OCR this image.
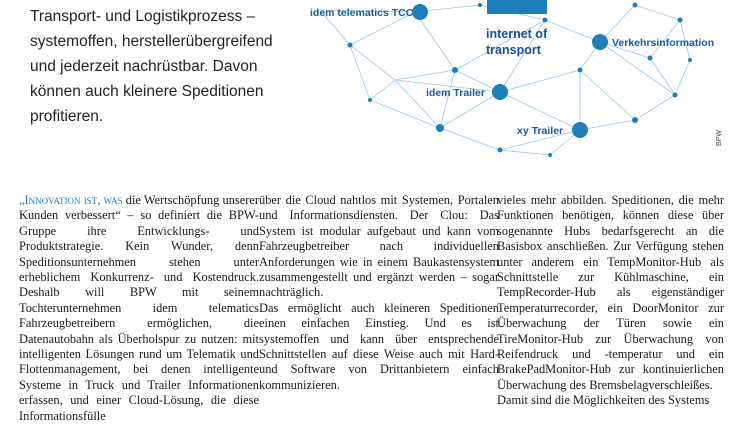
Transport- und Logistikprozess –

systemoffen, herstellerübergreifend

und jederzeit nachrüstbar. Davon

können auch kleinere Speditionen

profitieren.

idem telematics TCC
Verkehrsinformation
idem Trailer
xy Trailer
internet of
transport
BPW

„Innovation ist, was die Wertschöpfung unserer Kunden verbessert“ – so definiert die BPW-Gruppe ihre Entwicklungs- und Produktstrategie. Kein Wunder, denn Speditionsunternehmen stehen unter erheblichem Konkurrenz- und Kostendruck. Deshalb will BPW mit seinem Tochterunternehmen idem telematics Fahrzeugbetreibern ermöglichen, die Datenautobahn als Überholspur zu nutzen: mit intelligenten Lösungen rund um Telematik und Flottenmanagement, bei denen intelligente Systeme in Truck und Trailer Informationen erfassen, und einer Cloud-Lösung, die diese Informationsfülle

über die Cloud nahtlos mit Systemen, Portalen und Informationsdiensten. Der Clou: Das System ist modular aufgebaut und kann vom Fahrzeugbetreiber nach individuellen Anforderungen wie in einem Baukastensystem zusammengestellt und ergänzt werden – sogar nachträglich.

Das ermöglicht auch kleineren Speditionen einen einfachen Einstieg. Und es ist systemoffen und kann über entsprechende Schnittstellen auf diese Weise auch mit Hard- und Software von Drittanbietern einfach kommunizieren.

vieles mehr abbilden. Speditionen, die mehr Funktionen benötigen, können diese über sogenannte Hubs bedarfsgerecht an die Basisbox anschließen. Zur Verfügung stehen unter anderem ein TempMonitor-Hub als Schnittstelle zur Kühlmaschine, ein TempRecorder-Hub als eigenständiger Temperaturrecorder, ein DoorMonitor zur Überwachung der Türen sowie ein TireMonitor-Hub zur Überwachung von Reifendruck und -temperatur und ein BrakePadMonitor-Hub zur kontinuierlichen Überwachung des Bremsbelagverschleißes.

Damit sind die Möglichkeiten des Systems
